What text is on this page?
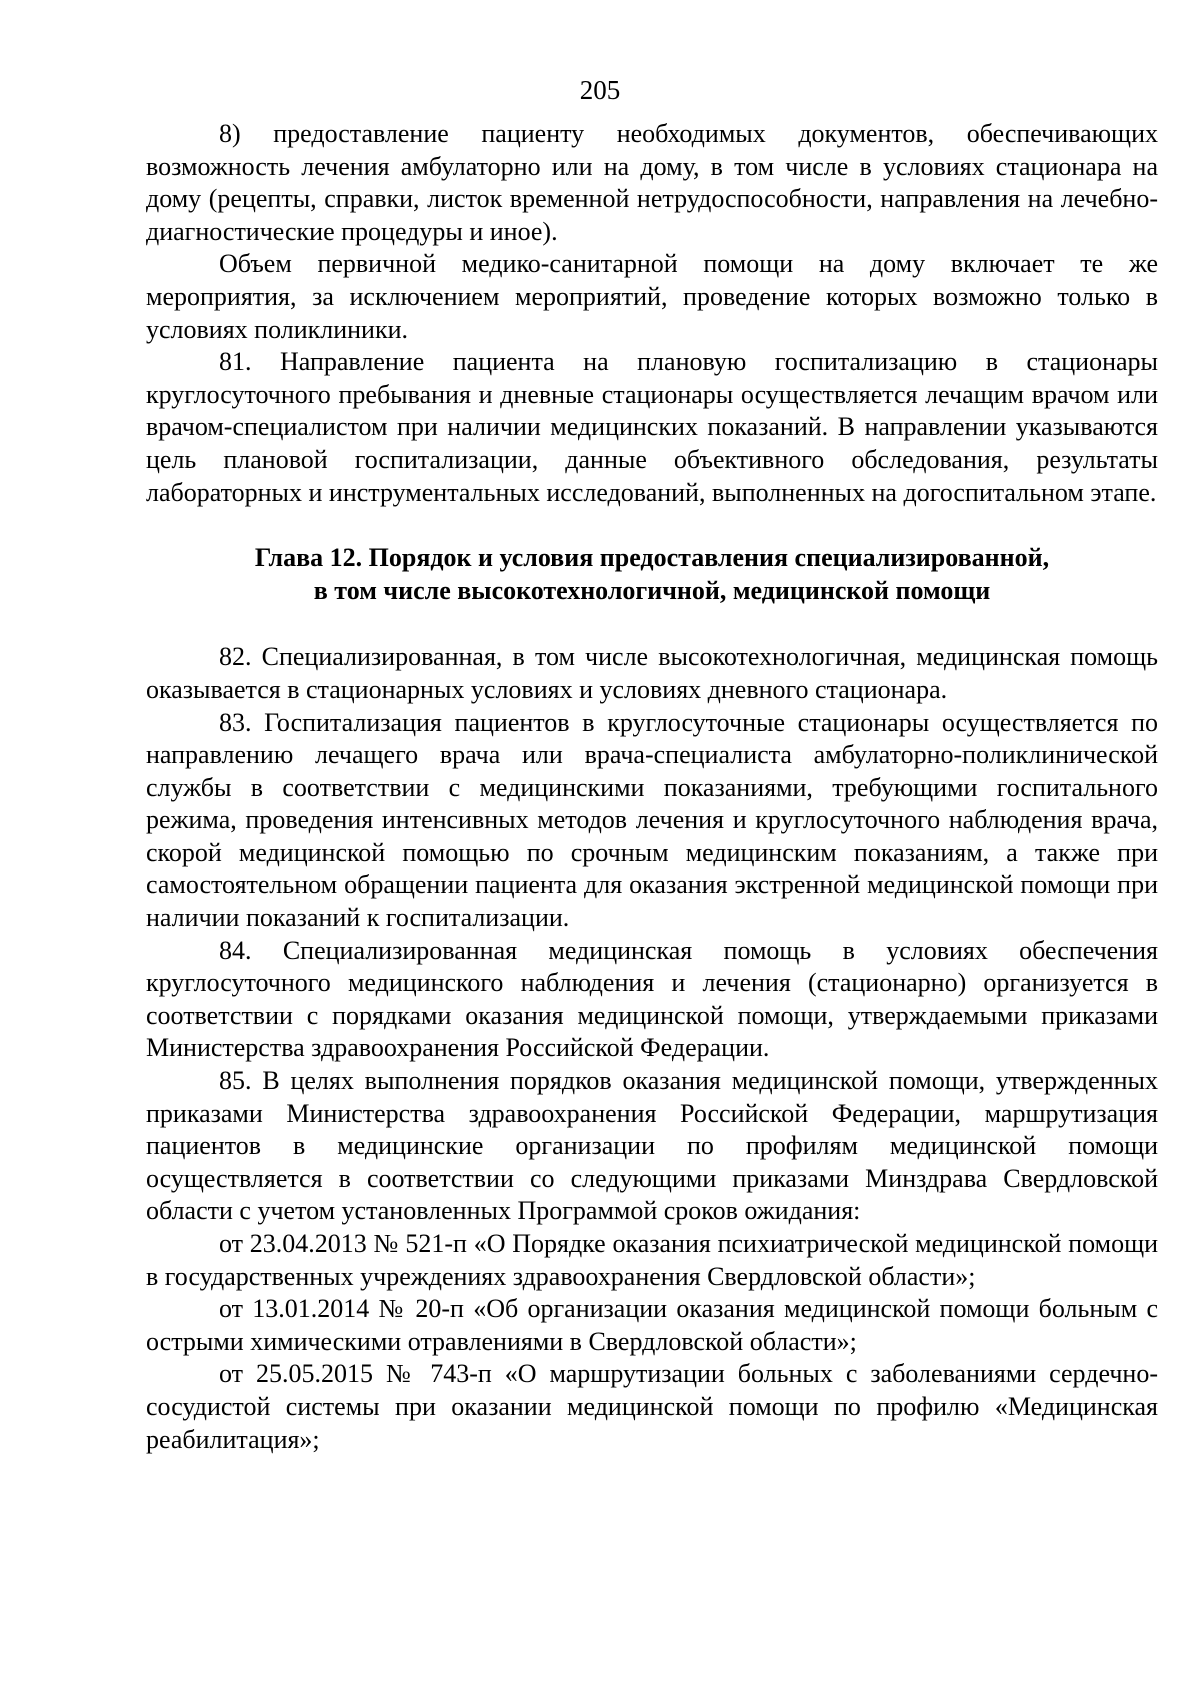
205

8) предоставление пациенту необходимых документов, обеспечивающих возможность лечения амбулаторно или на дому, в том числе в условиях стационара на дому (рецепты, справки, листок временной нетрудоспособности, направления на лечебно-диагностические процедуры и иное).

Объем первичной медико-санитарной помощи на дому включает те же мероприятия, за исключением мероприятий, проведение которых возможно только в условиях поликлиники.

81. Направление пациента на плановую госпитализацию в стационары круглосуточного пребывания и дневные стационары осуществляется лечащим врачом или врачом-специалистом при наличии медицинских показаний. В направлении указываются цель плановой госпитализации, данные объективного обследования, результаты лабораторных и инструментальных исследований, выполненных на догоспитальном этапе.

Глава 12. Порядок и условия предоставления специализированной,
в том числе высокотехнологичной, медицинской помощи

82. Специализированная, в том числе высокотехнологичная, медицинская помощь оказывается в стационарных условиях и условиях дневного стационара.

83. Госпитализация пациентов в круглосуточные стационары осуществляется по направлению лечащего врача или врача-специалиста амбулаторно-поликлинической службы в соответствии с медицинскими показаниями, требующими госпитального режима, проведения интенсивных методов лечения и круглосуточного наблюдения врача, скорой медицинской помощью по срочным медицинским показаниям, а также при самостоятельном обращении пациента для оказания экстренной медицинской помощи при наличии показаний к госпитализации.

84. Специализированная медицинская помощь в условиях обеспечения круглосуточного медицинского наблюдения и лечения (стационарно) организуется в соответствии с порядками оказания медицинской помощи, утверждаемыми приказами Министерства здравоохранения Российской Федерации.

85. В целях выполнения порядков оказания медицинской помощи, утвержденных приказами Министерства здравоохранения Российской Федерации, маршрутизация пациентов в медицинские организации по профилям медицинской помощи осуществляется в соответствии со следующими приказами Минздрава Свердловской области с учетом установленных Программой сроков ожидания:

от 23.04.2013 № 521-п «О Порядке оказания психиатрической медицинской помощи в государственных учреждениях здравоохранения Свердловской области»;

от 13.01.2014 № 20-п «Об организации оказания медицинской помощи больным с острыми химическими отравлениями в Свердловской области»;

от 25.05.2015 № 743-п «О маршрутизации больных с заболеваниями сердечно-сосудистой системы при оказании медицинской помощи по профилю «Медицинская реабилитация»;
